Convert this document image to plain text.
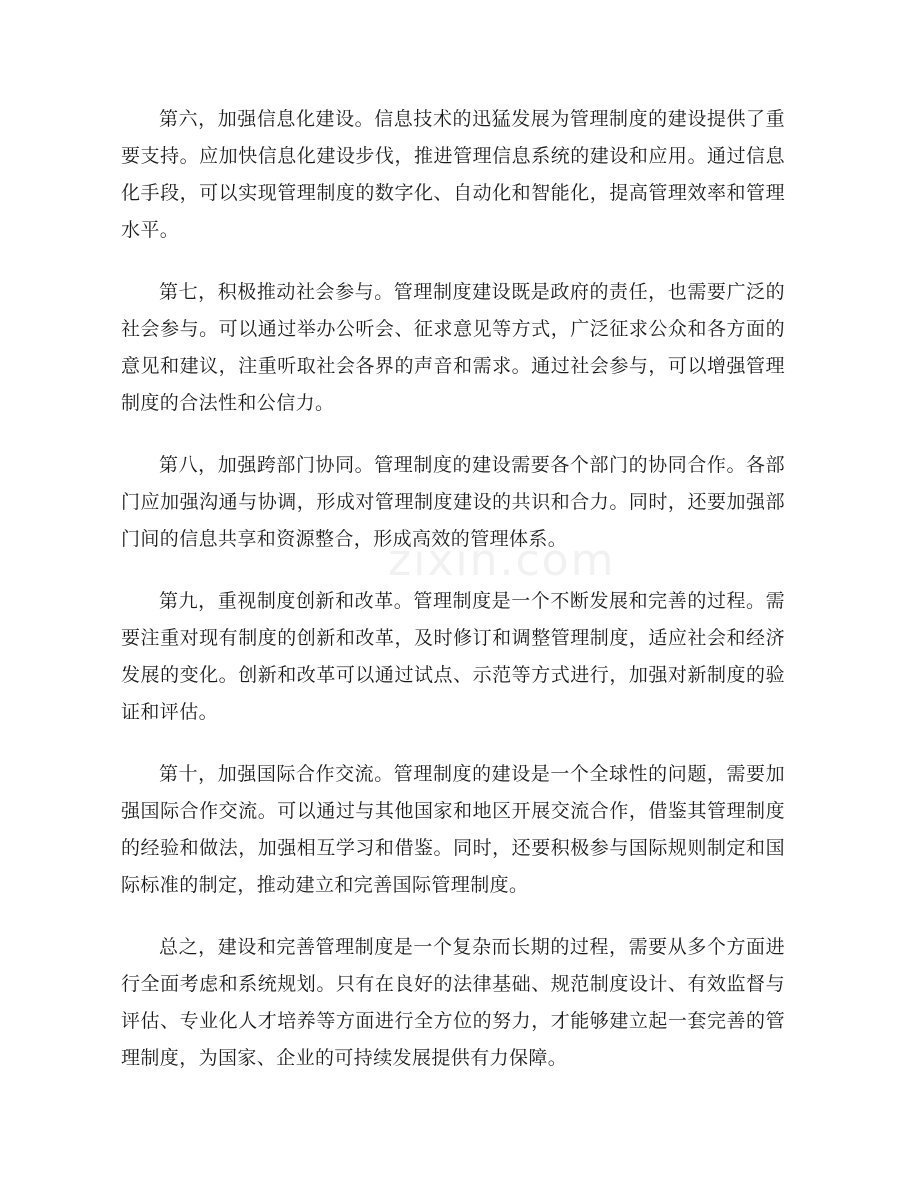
第六，加强信息化建设。信息技术的迅猛发展为管理制度的建设提供了重要支持。应加快信息化建设步伐，推进管理信息系统的建设和应用。通过信息化手段，可以实现管理制度的数字化、自动化和智能化，提高管理效率和管理水平。

第七，积极推动社会参与。管理制度建设既是政府的责任，也需要广泛的社会参与。可以通过举办公听会、征求意见等方式，广泛征求公众和各方面的意见和建议，注重听取社会各界的声音和需求。通过社会参与，可以增强管理制度的合法性和公信力。

第八，加强跨部门协同。管理制度的建设需要各个部门的协同合作。各部门应加强沟通与协调，形成对管理制度建设的共识和合力。同时，还要加强部门间的信息共享和资源整合，形成高效的管理体系。

第九，重视制度创新和改革。管理制度是一个不断发展和完善的过程。需要注重对现有制度的创新和改革，及时修订和调整管理制度，适应社会和经济发展的变化。创新和改革可以通过试点、示范等方式进行，加强对新制度的验证和评估。

第十，加强国际合作交流。管理制度的建设是一个全球性的问题，需要加强国际合作交流。可以通过与其他国家和地区开展交流合作，借鉴其管理制度的经验和做法，加强相互学习和借鉴。同时，还要积极参与国际规则制定和国际标准的制定，推动建立和完善国际管理制度。

总之，建设和完善管理制度是一个复杂而长期的过程，需要从多个方面进行全面考虑和系统规划。只有在良好的法律基础、规范制度设计、有效监督与评估、专业化人才培养等方面进行全方位的努力，才能够建立起一套完善的管理制度，为国家、企业的可持续发展提供有力保障。

zixin.com
